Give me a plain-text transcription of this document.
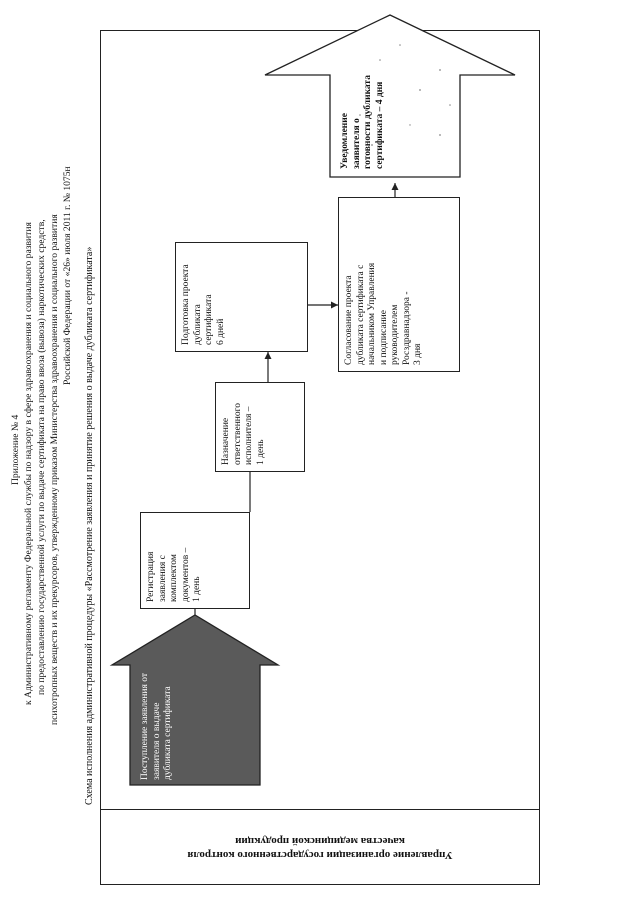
Приложение № 4 к Административному регламенту Федеральной службы по надзору в сфере здравоохранения и социального развития по предоставлению государственной услуги по выдаче сертификата на право ввоза (вывоза) наркотических средств, психотропных веществ и их прекурсоров, утвержденному приказом Министерства здравоохранения и социального развития Российской Федерации от «26» июля 2011 г. № 1075н Схема исполнения административной процедуры «Рассмотрение заявления и принятие решения о выдаче дубликата сертификата»
Управление организации государственного контроля
качества медицинской продукции
Поступление заявления от заявителя о выдаче дубликата сертификата
Регистрация
заявления с
комплектом
документов –
1 день
Назначение
ответственного
исполнителя –
1 день
Подготовка проекта
дубликата
сертификата
6 дней	Согласование проекта
дубликата сертификата с
начальником Управления
и подписание
руководителем
Росздравнадзора -
3 дня
Уведомление заявителя о готовности дубликата сертификата – 4 дня
